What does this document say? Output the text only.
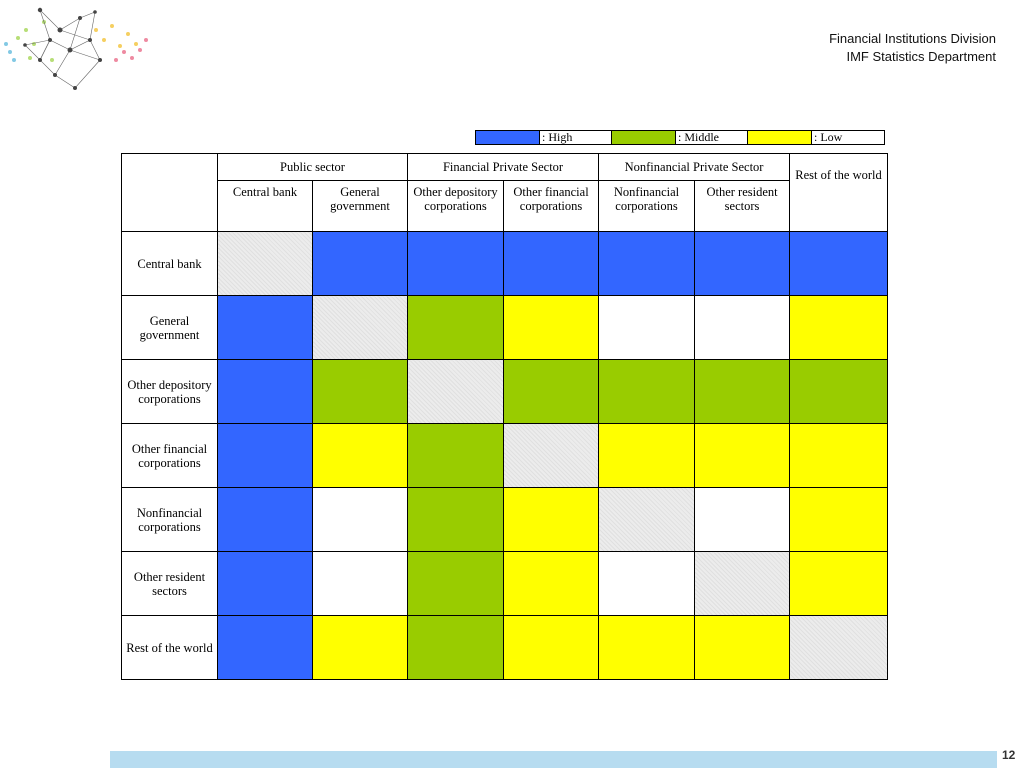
Financial Institutions Division
IMF Statistics Department
: High	: Middle	: Low
	Public sector		Financial Private Sector		Nonfinancial Private Sector		Rest of the world
	Central bank	General government	Other depository corporations	Other financial corporations	Nonfinancial corporations	Other resident sectors	
Central bank							
General government							
Other depository corporations							
Other financial corporations							
Nonfinancial corporations							
Other resident sectors							
Rest of the world							
12
